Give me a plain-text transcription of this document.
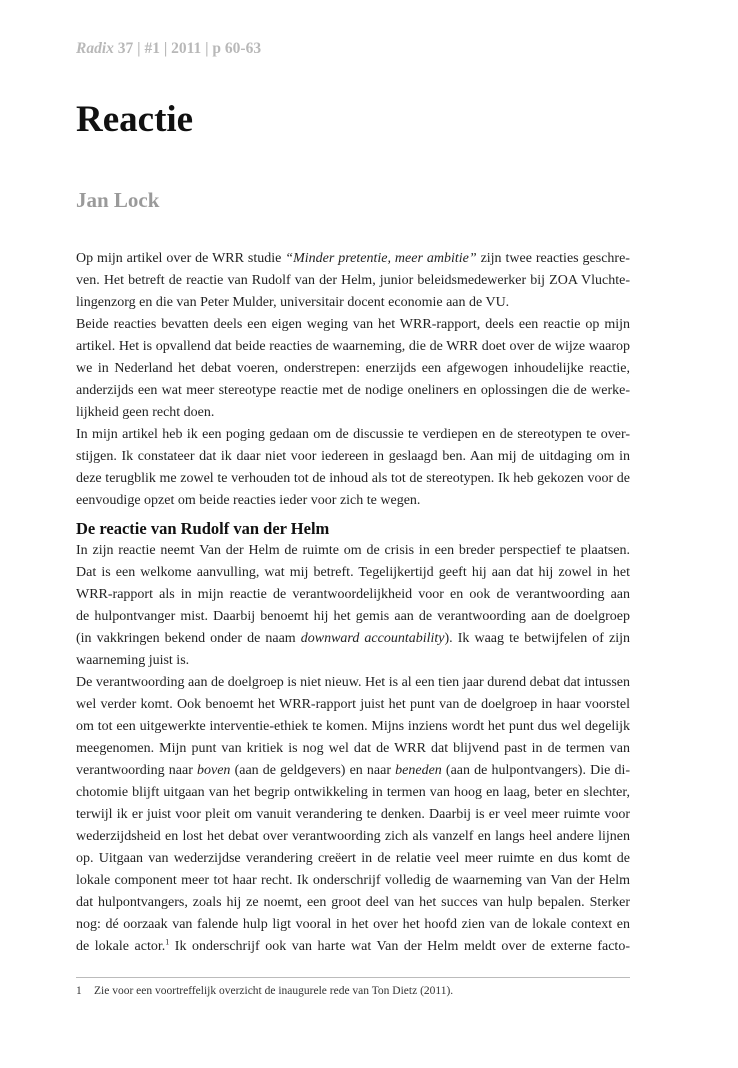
Radix 37 | #1 | 2011 | p 60-63
Reactie
Jan Lock
Op mijn artikel over de WRR studie “Minder pretentie, meer ambitie” zijn twee reacties geschre-
ven. Het betreft de reactie van Rudolf van der Helm, junior beleidsmedewerker bij ZOA Vluchte-
lingenzorg en die van Peter Mulder, universitair docent economie aan de VU.
Beide reacties bevatten deels een eigen weging van het WRR-rapport, deels een reactie op mijn
artikel. Het is opvallend dat beide reacties de waarneming, die de WRR doet over de wijze waarop
we in Nederland het debat voeren, onderstrepen: enerzijds een afgewogen inhoudelijke reactie,
anderzijds een wat meer stereotype reactie met de nodige oneliners en oplossingen die de werke-
lijkheid geen recht doen.
In mijn artikel heb ik een poging gedaan om de discussie te verdiepen en de stereotypen te over-
stijgen. Ik constateer dat ik daar niet voor iedereen in geslaagd ben. Aan mij de uitdaging om in
deze terugblik me zowel te verhouden tot de inhoud als tot de stereotypen. Ik heb gekozen voor de
eenvoudige opzet om beide reacties ieder voor zich te wegen.
De reactie van Rudolf van der Helm
In zijn reactie neemt Van der Helm de ruimte om de crisis in een breder perspectief te plaatsen.
Dat is een welkome aanvulling, wat mij betreft. Tegelijkertijd geeft hij aan dat hij zowel in het
WRR-rapport als in mijn reactie de verantwoordelijkheid voor en ook de verantwoording aan
de hulpontvanger mist. Daarbij benoemt hij het gemis aan de verantwoording aan de doelgroep
(in vakkringen bekend onder de naam downward accountability). Ik waag te betwijfelen of zijn
waarneming juist is.
De verantwoording aan de doelgroep is niet nieuw. Het is al een tien jaar durend debat dat intussen
wel verder komt. Ook benoemt het WRR-rapport juist het punt van de doelgroep in haar voorstel
om tot een uitgewerkte interventie-ethiek te komen. Mijns inziens wordt het punt dus wel degelijk
meegenomen. Mijn punt van kritiek is nog wel dat de WRR dat blijvend past in de termen van
verantwoording naar boven (aan de geldgevers) en naar beneden (aan de hulpontvangers). Die di-
chotomie blijft uitgaan van het begrip ontwikkeling in termen van hoog en laag, beter en slechter,
terwijl ik er juist voor pleit om vanuit verandering te denken. Daarbij is er veel meer ruimte voor
wederzijdsheid en lost het debat over verantwoording zich als vanzelf en langs heel andere lijnen
op. Uitgaan van wederzijdse verandering creëert in de relatie veel meer ruimte en dus komt de
lokale component meer tot haar recht. Ik onderschrijf volledig de waarneming van Van der Helm
dat hulpontvangers, zoals hij ze noemt, een groot deel van het succes van hulp bepalen. Sterker
nog: dé oorzaak van falende hulp ligt vooral in het over het hoofd zien van de lokale context en
de lokale actor.$^1$ Ik onderschrijf ook van harte wat Van der Helm meldt over de externe facto-
1 Zie voor een voortreffelijk overzicht de inaugurele rede van Ton Dietz (2011).
